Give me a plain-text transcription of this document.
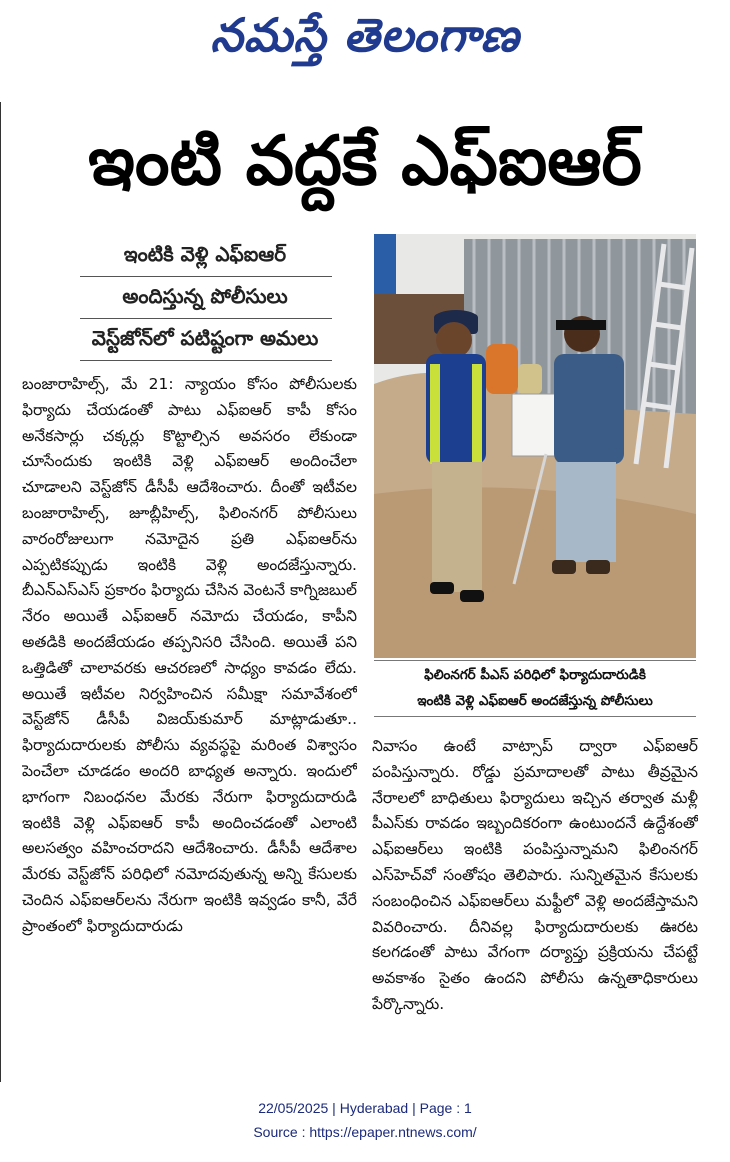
నమస్తే తెలంగాణ
ఇంటి వద్దకే ఎఫ్ఐఆర్
ఇంటికి వెళ్లి ఎఫ్ఐఆర్
అందిస్తున్న పోలీసులు
వెస్ట్‌జోన్‌లో పటిష్టంగా అమలు

బంజారాహిల్స్, మే 21: న్యాయం కోసం పోలీసులకు ఫిర్యాదు చేయడంతో పాటు ఎఫ్ఐఆర్ కాపీ కోసం అనేకసార్లు చక్కర్లు కొట్టాల్సిన అవసరం లేకుండా చూసేందుకు ఇంటికి వెళ్లి ఎఫ్ఐఆర్ అందించేలా చూడాలని వెస్ట్‌జోన్ డీసీపీ ఆదేశించారు. దీంతో ఇటీవల బంజారాహిల్స్, జూబ్లీహిల్స్, ఫిలింనగర్ పోలీసులు వారంరోజులుగా నమోదైన ప్రతి ఎఫ్ఐఆర్‌ను ఎప్పటికప్పుడు ఇంటికి వెళ్లి అందజేస్తున్నారు. బీఎన్ఎస్ఎస్ ప్రకారం ఫిర్యాదు చేసిన వెంటనే కాగ్నిజబుల్ నేరం అయితే ఎఫ్ఐఆర్ నమోదు చేయడం, కాపీని అతడికి అందజేయడం తప్పనిసరి చేసింది. అయితే పని ఒత్తిడితో చాలావరకు ఆచరణలో సాధ్యం కావడం లేదు. అయితే ఇటీవల నిర్వహించిన సమీక్షా సమావేశంలో వెస్ట్‌జోన్ డీసీపీ విజయ్‌కుమార్ మాట్లాడుతూ.. ఫిర్యాదుదారులకు పోలీసు వ్యవస్థపై మరింత విశ్వాసం పెంచేలా చూడడం అందరి బాధ్యత అన్నారు. ఇందులో భాగంగా నిబంధనల మేరకు నేరుగా ఫిర్యాదుదారుడి ఇంటికి వెళ్లి ఎఫ్ఐఆర్ కాపీ అందించడంతో ఎలాంటి అలసత్వం వహించరాదని ఆదేశించారు. డీసీపీ ఆదేశాల మేరకు వెస్ట్‌జోన్ పరిధిలో నమోదవుతున్న అన్ని కేసులకు చెందిన ఎఫ్ఐఆర్‌లను నేరుగా ఇంటికి ఇవ్వడం కానీ, వేరే ప్రాంతంలో ఫిర్యాదుదారుడు

ఫిలింనగర్ పీఎస్ పరిధిలో ఫిర్యాదుదారుడికి
ఇంటికి వెళ్లి ఎఫ్ఐఆర్ అందజేస్తున్న పోలీసులు

నివాసం ఉంటే వాట్సాప్ ద్వారా ఎఫ్ఐఆర్ పంపిస్తున్నారు. రోడ్డు ప్రమాదాలతో పాటు తీవ్రమైన నేరాలలో బాధితులు ఫిర్యాదులు ఇచ్చిన తర్వాత మళ్లీ పీఎస్‌కు రావడం ఇబ్బందికరంగా ఉంటుందనే ఉద్దేశంతో ఎఫ్ఐఆర్‌లు ఇంటికి పంపిస్తున్నామని ఫిలింనగర్ ఎస్‌హెచ్‌వో సంతోషం తెలిపారు. సున్నితమైన కేసులకు సంబంధించిన ఎఫ్ఐఆర్‌లు మఫ్టీలో వెళ్లి అందజేస్తామని వివరించారు. దీనివల్ల ఫిర్యాదుదారులకు ఊరట కలగడంతో పాటు వేగంగా దర్యాప్తు ప్రక్రియను చేపట్టే అవకాశం సైతం ఉందని పోలీసు ఉన్నతాధికారులు పేర్కొన్నారు.

22/05/2025 | Hyderabad | Page : 1
Source : https://epaper.ntnews.com/
